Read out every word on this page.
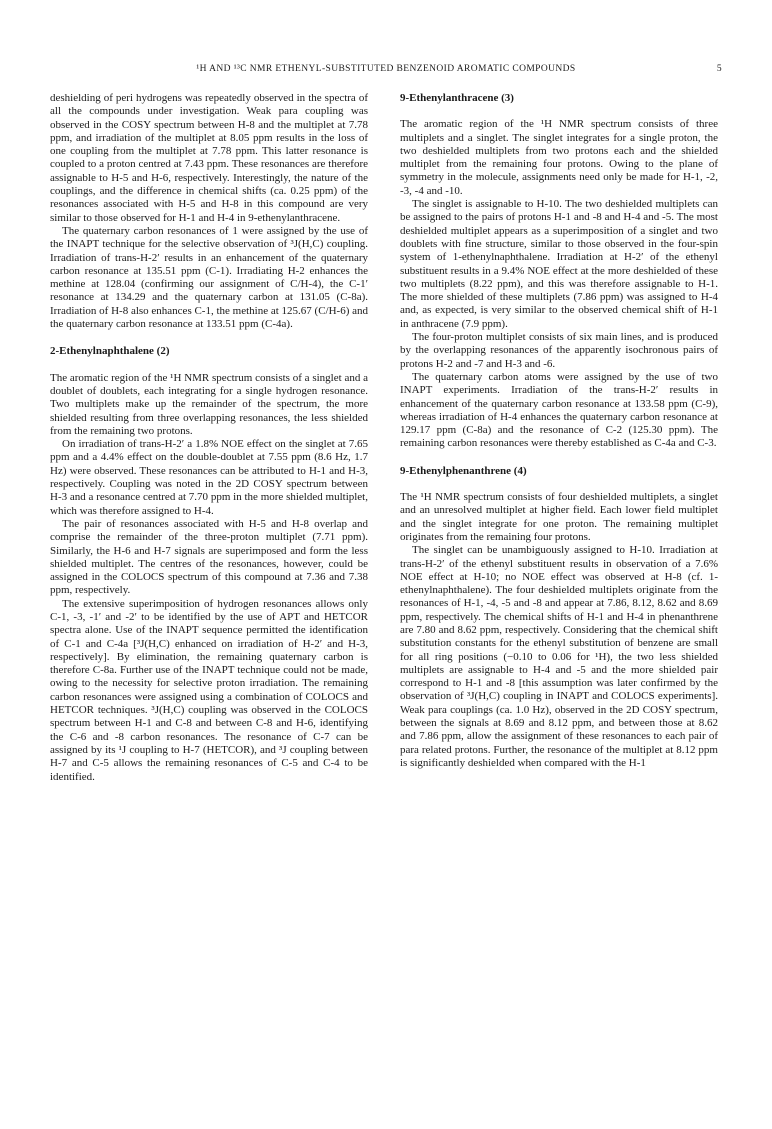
¹H AND ¹³C NMR ETHENYL-SUBSTITUTED BENZENOID AROMATIC COMPOUNDS	5

deshielding of peri hydrogens was repeatedly observed in the spectra of all the compounds under investigation. Weak para coupling was observed in the COSY spectrum between H-8 and the multiplet at 7.78 ppm, and irradiation of the multiplet at 8.05 ppm results in the loss of one coupling from the multiplet at 7.78 ppm. This latter resonance is coupled to a proton centred at 7.43 ppm. These resonances are therefore assignable to H-5 and H-6, respectively. Interestingly, the nature of the couplings, and the difference in chemical shifts (ca. 0.25 ppm) of the resonances associated with H-5 and H-8 in this compound are very similar to those observed for H-1 and H-4 in 9-ethenylanthracene.

The quaternary carbon resonances of 1 were assigned by the use of the INAPT technique for the selective observation of ³J(H,C) coupling. Irradiation of trans-H-2′ results in an enhancement of the quaternary carbon resonance at 135.51 ppm (C-1). Irradiating H-2 enhances the methine at 128.04 (confirming our assignment of C/H-4), the C-1′ resonance at 134.29 and the quaternary carbon at 131.05 (C-8a). Irradiation of H-8 also enhances C-1, the methine at 125.67 (C/H-6) and the quaternary carbon resonance at 133.51 ppm (C-4a).

2-Ethenylnaphthalene (2)

The aromatic region of the ¹H NMR spectrum consists of a singlet and a doublet of doublets, each integrating for a single hydrogen resonance. Two multiplets make up the remainder of the spectrum, the more shielded resulting from three overlapping resonances, the less shielded from the remaining two protons.

On irradiation of trans-H-2′ a 1.8% NOE effect on the singlet at 7.65 ppm and a 4.4% effect on the double-doublet at 7.55 ppm (8.6 Hz, 1.7 Hz) were observed. These resonances can be attributed to H-1 and H-3, respectively. Coupling was noted in the 2D COSY spectrum between H-3 and a resonance centred at 7.70 ppm in the more shielded multiplet, which was therefore assigned to H-4.

The pair of resonances associated with H-5 and H-8 overlap and comprise the remainder of the three-proton multiplet (7.71 ppm). Similarly, the H-6 and H-7 signals are superimposed and form the less shielded multiplet. The centres of the resonances, however, could be assigned in the COLOCS spectrum of this compound at 7.36 and 7.38 ppm, respectively.

The extensive superimposition of hydrogen resonances allows only C-1, -3, -1′ and -2′ to be identified by the use of APT and HETCOR spectra alone. Use of the INAPT sequence permitted the identification of C-1 and C-4a [³J(H,C) enhanced on irradiation of H-2′ and H-3, respectively]. By elimination, the remaining quaternary carbon is therefore C-8a. Further use of the INAPT technique could not be made, owing to the necessity for selective proton irradiation. The remaining carbon resonances were assigned using a combination of COLOCS and HETCOR techniques. ³J(H,C) coupling was observed in the COLOCS spectrum between H-1 and C-8 and between C-8 and H-6, identifying the C-6 and -8 carbon resonances. The resonance of C-7 can be assigned by its ¹J coupling to H-7 (HETCOR), and ³J coupling between H-7 and C-5 allows the remaining resonances of C-5 and C-4 to be identified.

9-Ethenylanthracene (3)

The aromatic region of the ¹H NMR spectrum consists of three multiplets and a singlet. The singlet integrates for a single proton, the two deshielded multiplets from two protons each and the shielded multiplet from the remaining four protons. Owing to the plane of symmetry in the molecule, assignments need only be made for H-1, -2, -3, -4 and -10.

The singlet is assignable to H-10. The two deshielded multiplets can be assigned to the pairs of protons H-1 and -8 and H-4 and -5. The most deshielded multiplet appears as a superimposition of a singlet and two doublets with fine structure, similar to those observed in the four-spin system of 1-ethenylnaphthalene. Irradiation at H-2′ of the ethenyl substituent results in a 9.4% NOE effect at the more deshielded of these two multiplets (8.22 ppm), and this was therefore assignable to H-1. The more shielded of these multiplets (7.86 ppm) was assigned to H-4 and, as expected, is very similar to the observed chemical shift of H-1 in anthracene (7.9 ppm).

The four-proton multiplet consists of six main lines, and is produced by the overlapping resonances of the apparently isochronous pairs of protons H-2 and -7 and H-3 and -6.

The quaternary carbon atoms were assigned by the use of two INAPT experiments. Irradiation of the trans-H-2′ results in enhancement of the quaternary carbon resonance at 133.58 ppm (C-9), whereas irradiation of H-4 enhances the quaternary carbon resonance at 129.17 ppm (C-8a) and the resonance of C-2 (125.30 ppm). The remaining carbon resonances were thereby established as C-4a and C-3.

9-Ethenylphenanthrene (4)

The ¹H NMR spectrum consists of four deshielded multiplets, a singlet and an unresolved multiplet at higher field. Each lower field multiplet and the singlet integrate for one proton. The remaining multiplet originates from the remaining four protons.

The singlet can be unambiguously assigned to H-10. Irradiation at trans-H-2′ of the ethenyl substituent results in observation of a 7.6% NOE effect at H-10; no NOE effect was observed at H-8 (cf. 1-ethenylnaphthalene). The four deshielded multiplets originate from the resonances of H-1, -4, -5 and -8 and appear at 7.86, 8.12, 8.62 and 8.69 ppm, respectively. The chemical shifts of H-1 and H-4 in phenanthrene are 7.80 and 8.62 ppm, respectively. Considering that the chemical shift substitution constants for the ethenyl substitution of benzene are small for all ring positions (−0.10 to 0.06 for ¹H), the two less shielded multiplets are assignable to H-4 and -5 and the more shielded pair correspond to H-1 and -8 [this assumption was later confirmed by the observation of ³J(H,C) coupling in INAPT and COLOCS experiments]. Weak para couplings (ca. 1.0 Hz), observed in the 2D COSY spectrum, between the signals at 8.69 and 8.12 ppm, and between those at 8.62 and 7.86 ppm, allow the assignment of these resonances to each pair of para related protons. Further, the resonance of the multiplet at 8.12 ppm is significantly deshielded when compared with the H-1
